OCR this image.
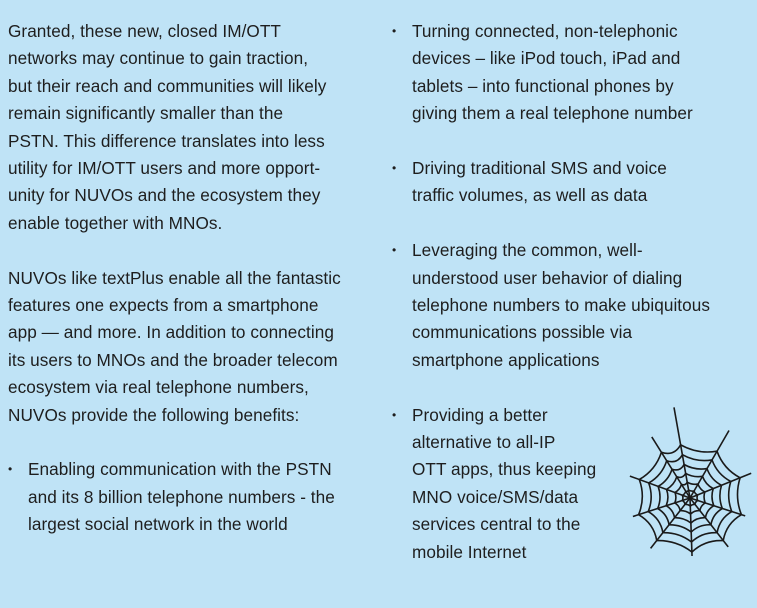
Granted, these new, closed IM/OTT
networks may continue to gain traction,
but their reach and communities will likely
remain significantly smaller than the
PSTN. This difference translates into less
utility for IM/OTT users and more opport-
unity for NUVOs and the ecosystem they
enable together with MNOs.

NUVOs like textPlus enable all the fantastic
features one expects from a smartphone
app — and more. In addition to connecting
its users to MNOs and the broader telecom
ecosystem via real telephone numbers,
NUVOs provide the following benefits:

• Enabling communication with the PSTN
and its 8 billion telephone numbers - the
largest social network in the world
• Turning connected, non-telephonic
devices – like iPod touch, iPad and
tablets – into functional phones by
giving them a real telephone number
• Driving traditional SMS and voice
traffic volumes, as well as data
• Leveraging the common, well-
understood user behavior of dialing
telephone numbers to make ubiquitous
communications possible via
smartphone applications
• Providing a better
alternative to all-IP
OTT apps, thus keeping
MNO voice/SMS/data
services central to the
mobile Internet
